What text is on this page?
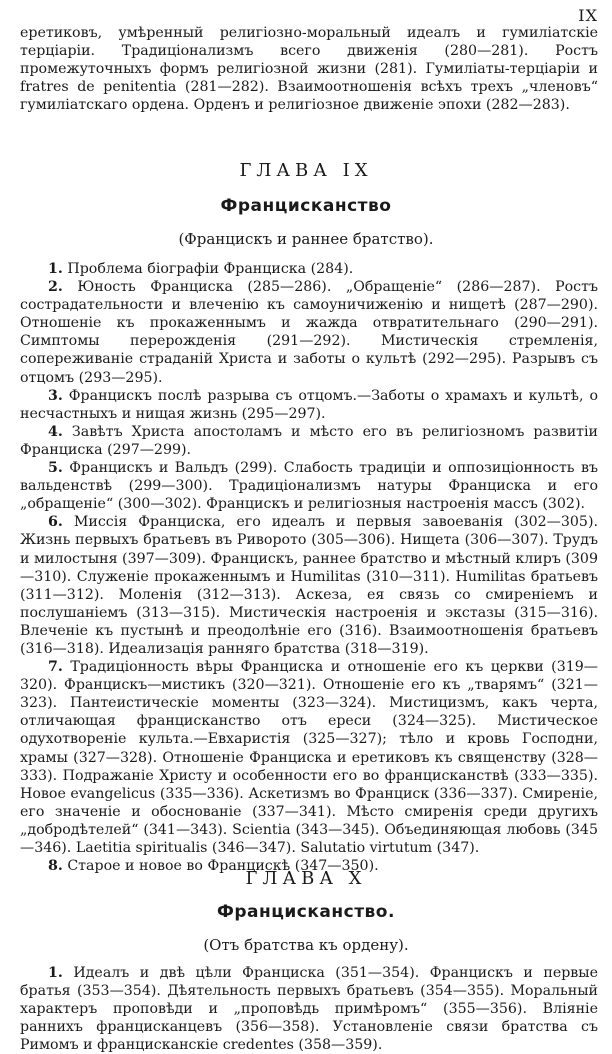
IX

еретиковъ, умѣренный религіозно-моральный идеалъ и гумиліатскіе терціаріи. Традиціонализмъ всего движенія (280—281). Ростъ промежуточныхъ формъ религіозной жизни (281). Гумиліаты-терціаріи и fratres de penitentia (281—282). Взаимоотношенія всѣхъ трехъ „членовъ“ гумиліатскаго ордена. Орденъ и религіозное движеніе эпохи (282—283).

ГЛАВА IX
Францисканство
(Францискъ и раннее братство).

1. Проблема біографіи Франциска (284).

2. Юность Франциска (285—286). „Обращеніе“ (286—287). Ростъ сострадательности и влеченію къ самоуничиженію и нищетѣ (287—290). Отношеніе къ прокаженнымъ и жажда отвратительнаго (290—291). Симптомы перерожденія (291—292). Мистическія стремленія, сопереживаніе страданій Христа и заботы о культѣ (292—295). Разрывъ съ отцомъ (293—295).

3. Францискъ послѣ разрыва съ отцомъ.—Заботы о храмахъ и культѣ, о несчастныхъ и нищая жизнь (295—297).

4. Завѣтъ Христа апостоламъ и мѣсто его въ религіозномъ развитіи Франциска (297—299).

5. Францискъ и Вальдъ (299). Слабость традиціи и оппозиціонность въ вальденствѣ (299—300). Традиціонализмъ натуры Франциска и его „обращеніе“ (300—302). Францискъ и религіозныя настроенія массъ (302).

6. Миссія Франциска, его идеалъ и первыя завоеванія (302—305). Жизнь первыхъ братьевъ въ Риворото (305—306). Нищета (306—307). Трудъ и милостыня (397—309). Францискъ, раннее братство и мѣстный клиръ (309—310). Служеніе прокаженнымъ и Humilitas (310—311). Humilitas братьевъ (311—312). Моленія (312—313). Аскеза, ея связь со смиреніемъ и послушаніемъ (313—315). Мистическія настроенія и экстазы (315—316). Влеченіе къ пустынѣ и преодолѣніе его (316). Взаимоотношенія братьевъ (316—318). Идеализація ранняго братства (318—319).

7. Традиціонность вѣры Франциска и отношеніе его къ церкви (319—320). Францискъ—мистикъ (320—321). Отношеніе его къ „тварямъ“ (321—323). Пантеистическіе моменты (323—324). Мистицизмъ, какъ черта, отличающая францисканство отъ ереси (324—325). Мистическое одухотвореніе культа.—Евхаристія (325—327); тѣло и кровь Господни, храмы (327—328). Отношеніе Франциска и еретиковъ къ священству (328—333). Подражаніе Христу и особенности его во францисканствѣ (333—335). Новое evangelicus (335—336). Аскетизмъ во Франциск (336—337). Смиреніе, его значеніе и обоснованіе (337—341). Мѣсто смиренія среди другихъ „добродѣтелей“ (341—343). Scientia (343—345). Объединяющая любовь (345—346). Laetitia spiritualis (346—347). Salutatio virtutum (347).

8. Старое и новое во Францискѣ (347—350).

ГЛАВА X
Францисканство.
(Отъ братства къ ордену).

1. Идеалъ и двѣ цѣли Франциска (351—354). Францискъ и первые братья (353—354). Дѣятельность первыхъ братьевъ (354—355). Моральный характеръ проповѣди и „проповѣдь примѣромъ“ (355—356). Вліяніе раннихъ францисканцевъ (356—358). Установленіе связи братства съ Римомъ и францисканскіе credentes (358—359).
